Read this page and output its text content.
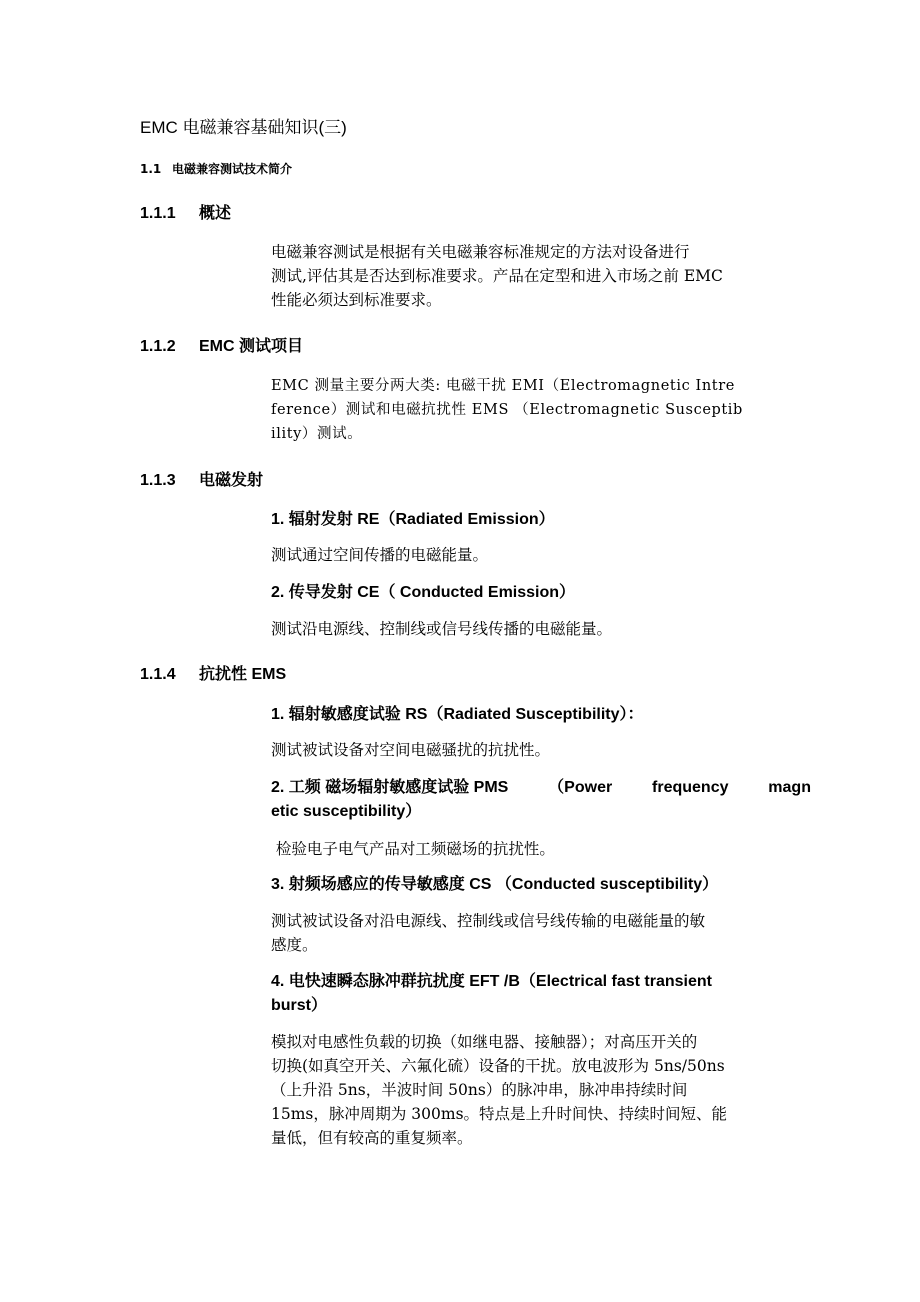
EMC 电磁兼容基础知识(三)
1.1 电磁兼容测试技术简介
1.1.1 概述
电磁兼容测试是根据有关电磁兼容标准规定的方法对设备进行
测试,评估其是否达到标准要求。产品在定型和进入市场之前 EMC
性能必须达到标准要求。
1.1.2 EMC 测试项目
EMC 测量主要分两大类: 电磁干扰 EMI（Electromagnetic Intre
ference）测试和电磁抗扰性 EMS （Electromagnetic Susceptib
ility）测试。
1.1.3 电磁发射
1. 辐射发射 RE（Radiated Emission）
测试通过空间传播的电磁能量。
2. 传导发射 CE（ Conducted Emission）
测试沿电源线、控制线或信号线传播的电磁能量。
1.1.4 抗扰性 EMS
1. 辐射敏感度试验 RS（Radiated Susceptibility）：
测试被试设备对空间电磁骚扰的抗扰性。
2. 工频 磁场辐射敏感度试验 PMS （Power frequency magn
etic susceptibility）
检验电子电气产品对工频磁场的抗扰性。
3. 射频场感应的传导敏感度 CS （Conducted susceptibility）
测试被试设备对沿电源线、控制线或信号线传输的电磁能量的敏
感度。
4. 电快速瞬态脉冲群抗扰度 EFT /B（Electrical fast transient
burst）
模拟对电感性负载的切换（如继电器、接触器）；对高压开关的
切换(如真空开关、六氟化硫）设备的干扰。放电波形为 5ns/50ns
（上升沿 5ns，半波时间 50ns）的脉冲串，脉冲串持续时间
15ms，脉冲周期为 300ms。特点是上升时间快、持续时间短、能
量低，但有较高的重复频率。
